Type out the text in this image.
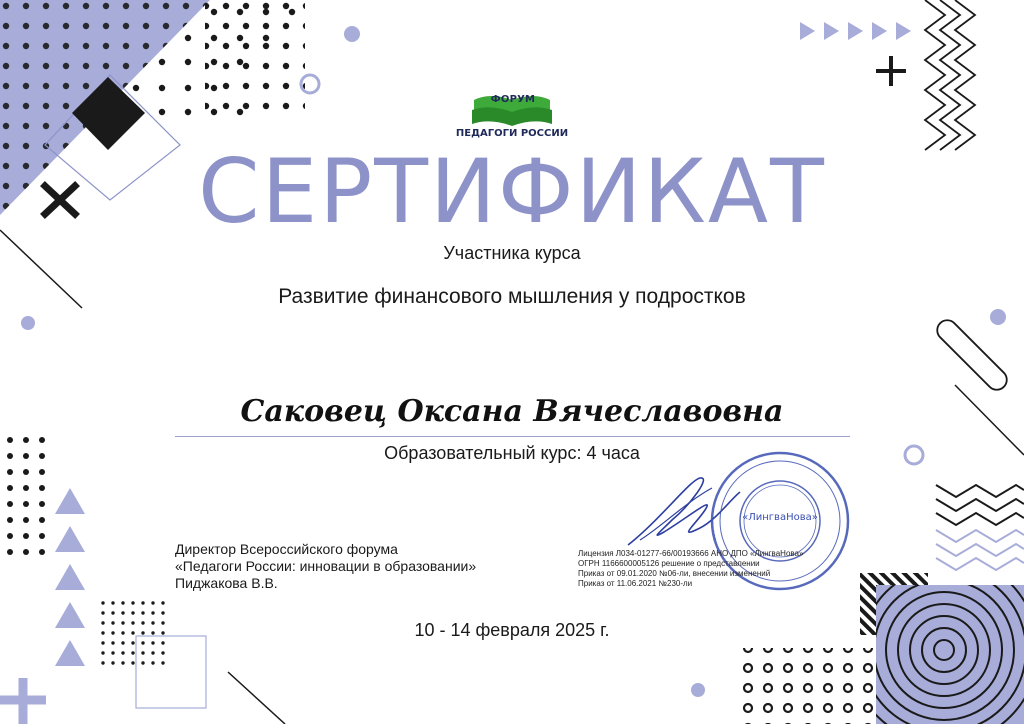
ФОРУМ
ПЕДАГОГИ РОССИИ
СЕРТИФИКАТ
Участника курса
Развитие финансового мышления у подростков
Саковец Оксана Вячеславовна
Образовательный курс: 4 часа
Директор Всероссийского форума
«Педагоги России: инновации в образовании»
Пиджакова В.В.
Лицензия Л034-01277-66/00193666 АНО ДПО «ЛингваНова»
ОГРН 1166600005126 решение о представлении
Приказ от 09.01.2020 №06-ли, внесении изменений
Приказ от 11.06.2021 №230-ли
«ЛингваНова»
10 - 14 февраля 2025 г.
